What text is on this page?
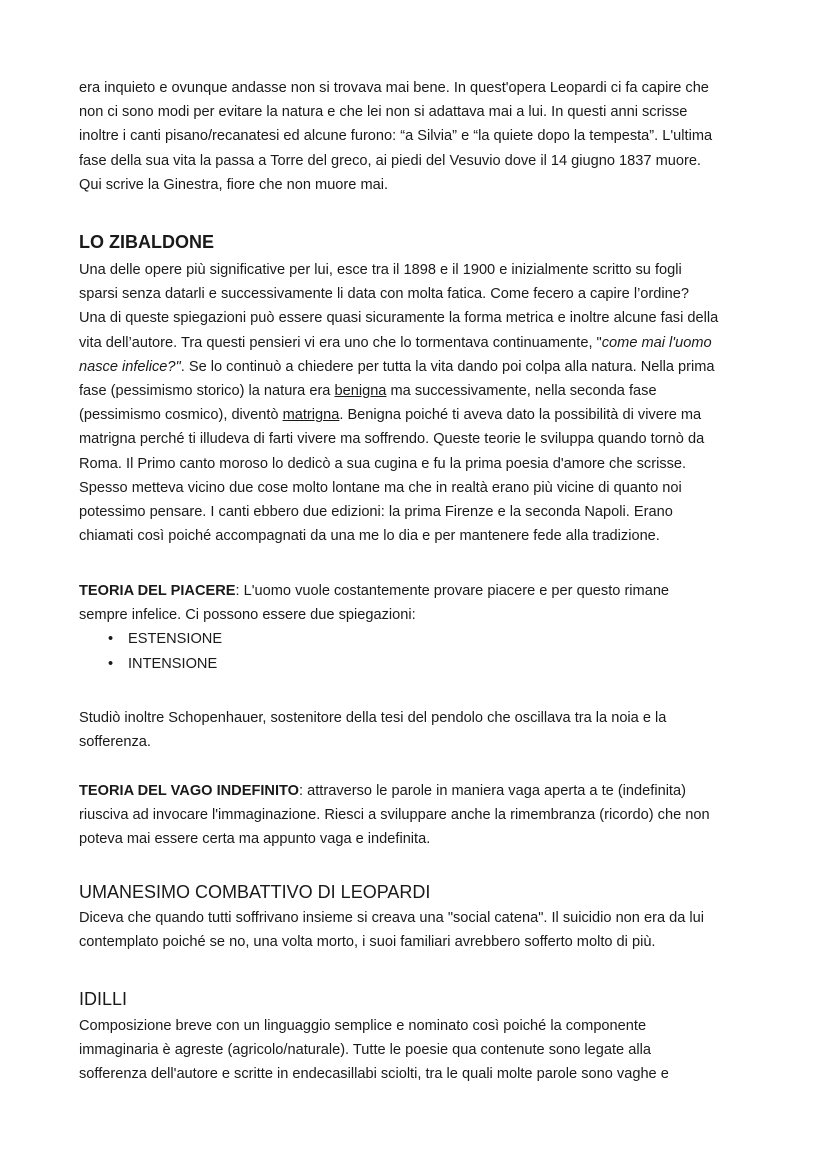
era inquieto e ovunque andasse non si trovava mai bene. In quest'opera Leopardi ci fa capire che

non ci sono modi per evitare la natura e che lei non si adattava mai a lui. In questi anni scrisse

inoltre i canti pisano/recanatesi ed alcune furono: “a Silvia” e “la quiete dopo la tempesta”. L'ultima

fase della sua vita la passa a Torre del greco, ai piedi del Vesuvio dove il 14 giugno 1837 muore.

Qui scrive la Ginestra, fiore che non muore mai.

LO ZIBALDONE

Una delle opere più significative per lui, esce tra il 1898 e il 1900 e inizialmente scritto su fogli

sparsi senza datarli e successivamente li data con molta fatica. Come fecero a capire l’ordine?

Una di queste spiegazioni può essere quasi sicuramente la forma metrica e inoltre alcune fasi della

vita dell’autore. Tra questi pensieri vi era uno che lo tormentava continuamente, "come mai l'uomo

nasce infelice?". Se lo continuò a chiedere per tutta la vita dando poi colpa alla natura. Nella prima

fase (pessimismo storico) la natura era benigna ma successivamente, nella seconda fase

(pessimismo cosmico), diventò matrigna. Benigna poiché ti aveva dato la possibilità di vivere ma

matrigna perché ti illudeva di farti vivere ma soffrendo. Queste teorie le sviluppa quando tornò da

Roma. Il Primo canto moroso lo dedicò a sua cugina e fu la prima poesia d'amore che scrisse.

Spesso metteva vicino due cose molto lontane ma che in realtà erano più vicine di quanto noi

potessimo pensare. I canti ebbero due edizioni: la prima Firenze e la seconda Napoli. Erano

chiamati così poiché accompagnati da una me lo dia e per mantenere fede alla tradizione.

TEORIA DEL PIACERE: L'uomo vuole costantemente provare piacere e per questo rimane

sempre infelice. Ci possono essere due spiegazioni:

• ESTENSIONE
• INTENSIONE

Studiò inoltre Schopenhauer, sostenitore della tesi del pendolo che oscillava tra la noia e la

sofferenza.

TEORIA DEL VAGO INDEFINITO: attraverso le parole in maniera vaga aperta a te (indefinita)

riusciva ad invocare l'immaginazione. Riesci a sviluppare anche la rimembranza (ricordo) che non

poteva mai essere certa ma appunto vaga e indefinita.

UMANESIMO COMBATTIVO DI LEOPARDI

Diceva che quando tutti soffrivano insieme si creava una "social catena". Il suicidio non era da lui

contemplato poiché se no, una volta morto, i suoi familiari avrebbero sofferto molto di più.

IDILLI

Composizione breve con un linguaggio semplice e nominato così poiché la componente

immaginaria è agreste (agricolo/naturale). Tutte le poesie qua contenute sono legate alla

sofferenza dell'autore e scritte in endecasillabi sciolti, tra le quali molte parole sono vaghe e
